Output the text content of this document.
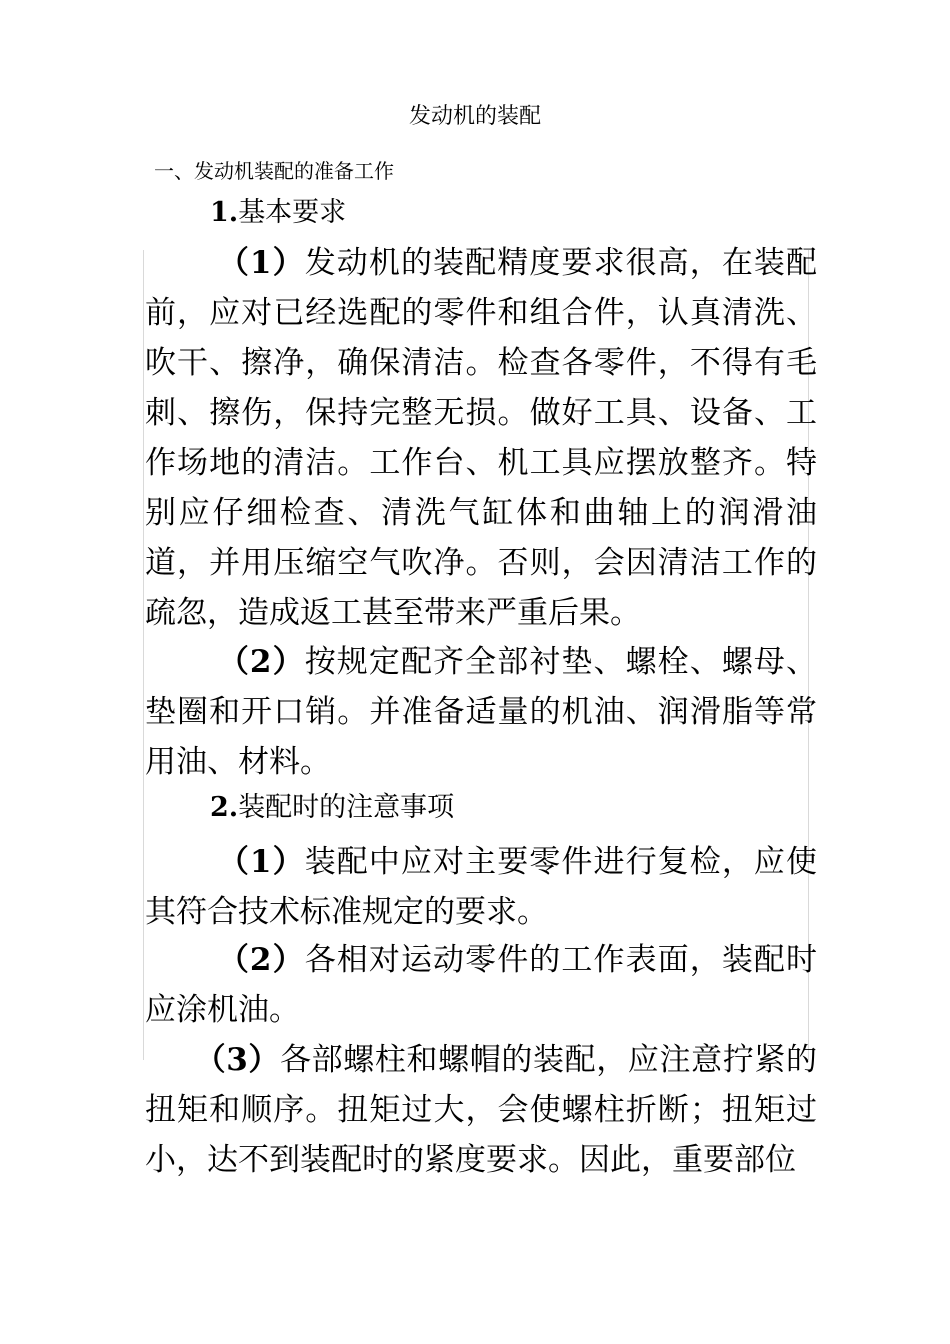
发动机的装配
一、发动机装配的准备工作
1.基本要求

（1）发动机的装配精度要求很高，在装配前，应对已经选配的零件和组合件，认真清洗、吹干、擦净，确保清洁。检查各零件，不得有毛刺、擦伤，保持完整无损。做好工具、设备、工作场地的清洁。工作台、机工具应摆放整齐。特别应仔细检查、清洗气缸体和曲轴上的润滑油道，并用压缩空气吹净。否则，会因清洁工作的疏忽，造成返工甚至带来严重后果。

（2）按规定配齐全部衬垫、螺栓、螺母、垫圈和开口销。并准备适量的机油、润滑脂等常用油、材料。

2.装配时的注意事项

（1）装配中应对主要零件进行复检，应使其符合技术标准规定的要求。

（2）各相对运动零件的工作表面，装配时应涂机油。

（3）各部螺柱和螺帽的装配，应注意拧紧的扭矩和顺序。扭矩过大，会使螺柱折断；扭矩过小，达不到装配时的紧度要求。因此，重要部位
